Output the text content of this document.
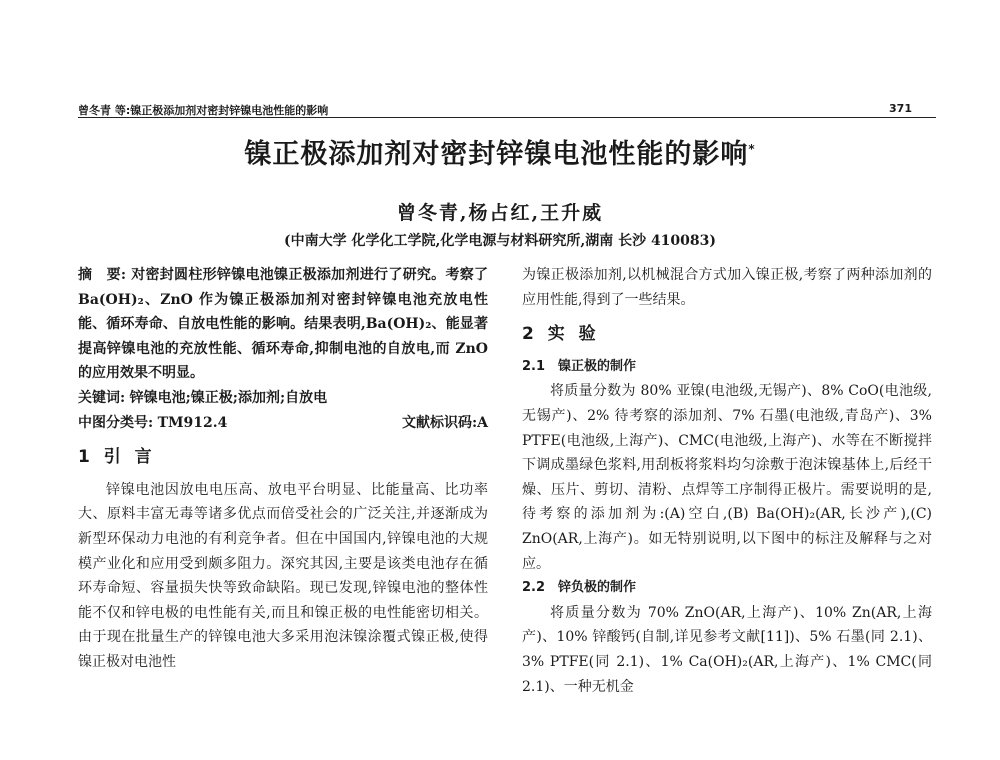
曾冬青 等:镍正极添加剂对密封锌镍电池性能的影响	371
镍正极添加剂对密封锌镍电池性能的影响*
曾冬青,杨占红,王升威
(中南大学 化学化工学院,化学电源与材料研究所,湖南 长沙 410083)

摘　要: 对密封圆柱形锌镍电池镍正极添加剂进行了研究。考察了 Ba(OH)₂、ZnO 作为镍正极添加剂对密封锌镍电池充放电性能、循环寿命、自放电性能的影响。结果表明,Ba(OH)₂、能显著提高锌镍电池的充放性能、循环寿命,抑制电池的自放电,而 ZnO 的应用效果不明显。

关键词: 锌镍电池;镍正极;添加剂;自放电

中图分类号: TM912.4	文献标识码:A

1 引 言

锌镍电池因放电电压高、放电平台明显、比能量高、比功率大、原料丰富无毒等诸多优点而倍受社会的广泛关注,并逐渐成为新型环保动力电池的有利竞争者。但在中国国内,锌镍电池的大规模产业化和应用受到颇多阻力。深究其因,主要是该类电池存在循环寿命短、容量损失快等致命缺陷。现已发现,锌镍电池的整体性能不仅和锌电极的电性能有关,而且和镍正极的电性能密切相关。由于现在批量生产的锌镍电池大多采用泡沫镍涂覆式镍正极,使得镍正极对电池性

为镍正极添加剂,以机械混合方式加入镍正极,考察了两种添加剂的应用性能,得到了一些结果。

2 实 验
2.1　镍正极的制作

将质量分数为 80% 亚镍(电池级,无锡产)、8% CoO(电池级,无锡产)、2% 待考察的添加剂、7% 石墨(电池级,青岛产)、3% PTFE(电池级,上海产)、CMC(电池级,上海产)、水等在不断搅拌下调成墨绿色浆料,用刮板将浆料均匀涂敷于泡沫镍基体上,后经干燥、压片、剪切、清粉、点焊等工序制得正极片。需要说明的是,待考察的添加剂为:(A)空白,(B) Ba(OH)₂(AR,长沙产),(C) ZnO(AR,上海产)。如无特别说明,以下图中的标注及解释与之对应。

2.2　锌负极的制作

将质量分数为 70% ZnO(AR,上海产)、10% Zn(AR,上海产)、10% 锌酸钙(自制,详见参考文献[11])、5% 石墨(同 2.1)、3% PTFE(同 2.1)、1% Ca(OH)₂(AR,上海产)、1% CMC(同 2.1)、一种无机金
